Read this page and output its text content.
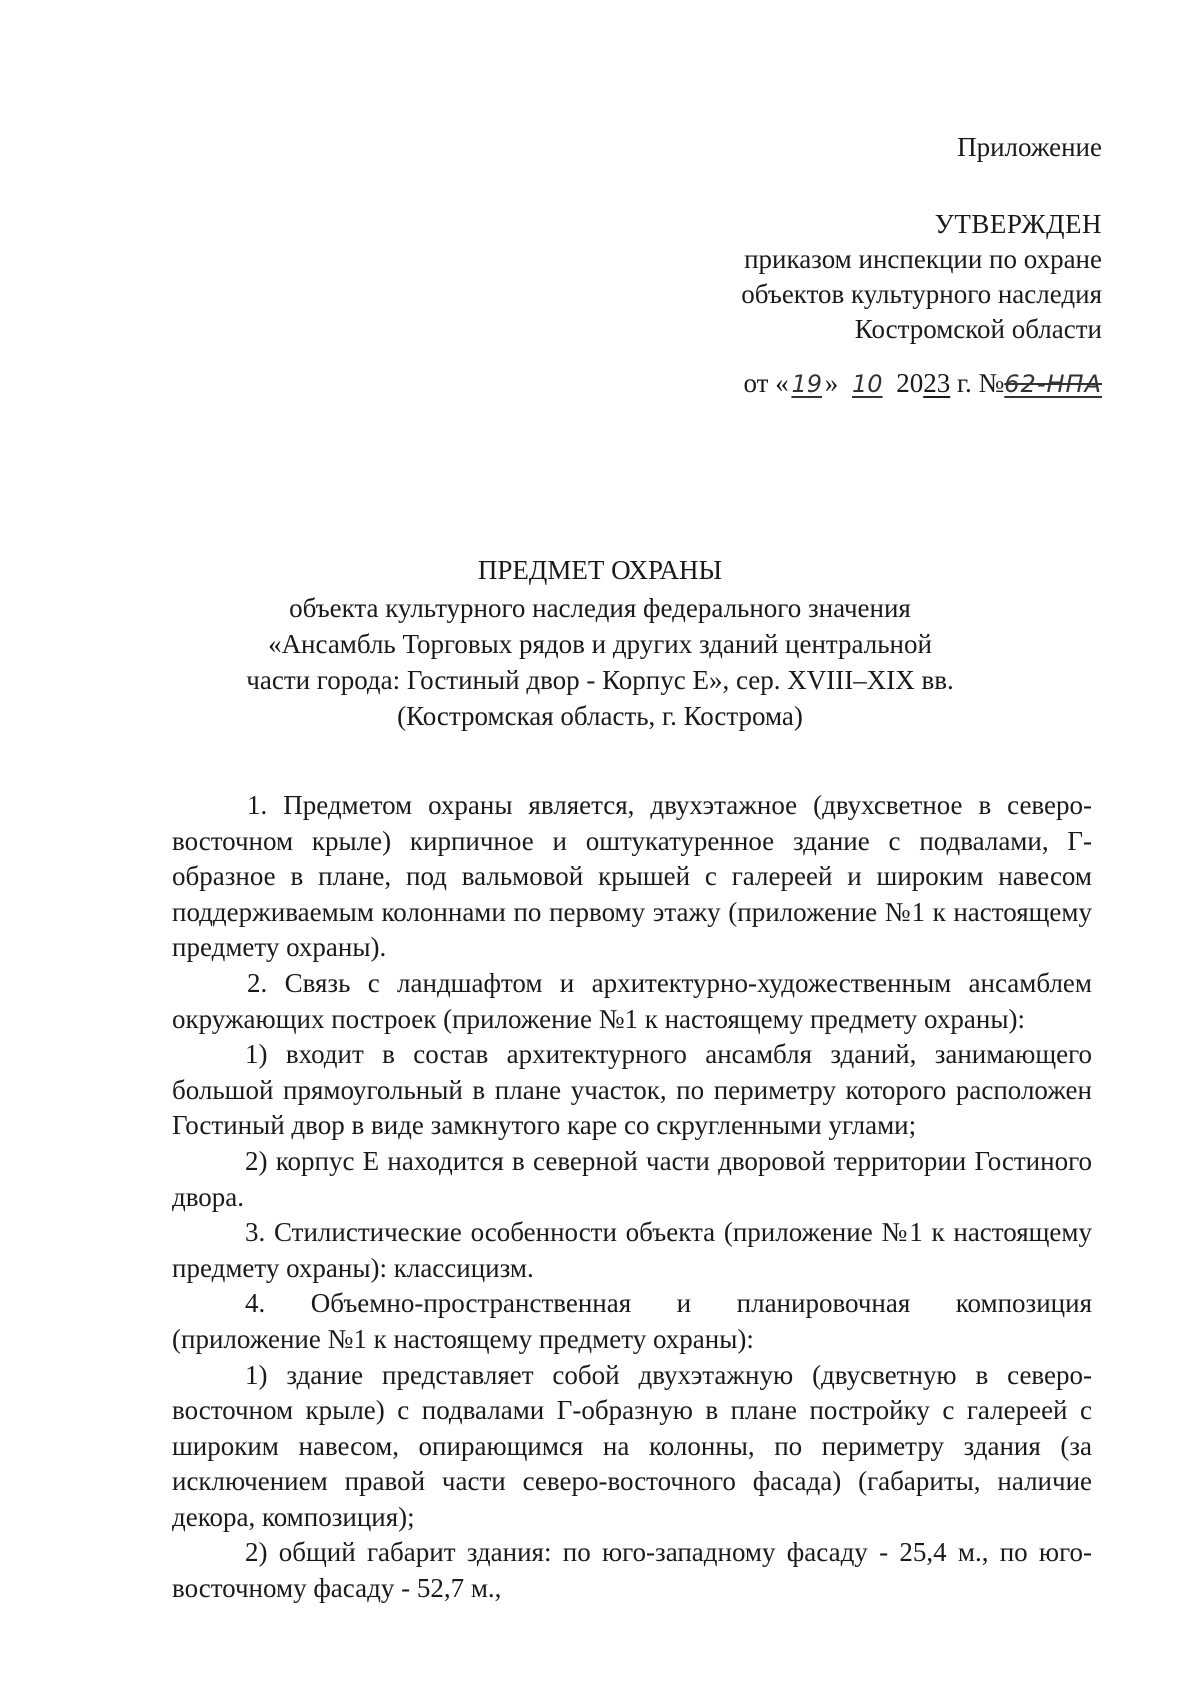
Приложение
УТВЕРЖДЕН
приказом инспекции по охране
объектов культурного наследия
Костромской области
от « 19 » 10 2023 г. №62-НПА
ПРЕДМЕТ ОХРАНЫ
объекта культурного наследия федерального значения
«Ансамбль Торговых рядов и других зданий центральной
части города: Гостиный двор - Корпус Е», сер. XVIII–XIX вв.
(Костромская область, г. Кострома)

1. Предметом охраны является, двухэтажное (двухсветное в северо-восточном крыле) кирпичное и оштукатуренное здание с подвалами, Г-образное в плане, под вальмовой крышей с галереей и широким навесом поддерживаемым колоннами по первому этажу (приложение №1 к настоящему предмету охраны).

2. Связь с ландшафтом и архитектурно-художественным ансамблем окружающих построек (приложение №1 к настоящему предмету охраны):

1) входит в состав архитектурного ансамбля зданий, занимающего большой прямоугольный в плане участок, по периметру которого расположен Гостиный двор в виде замкнутого каре со скругленными углами;

2) корпус Е находится в северной части дворовой территории Гостиного двора.

3. Стилистические особенности объекта (приложение №1 к настоящему предмету охраны): классицизм.

4. Объемно-пространственная и планировочная композиция (приложение №1 к настоящему предмету охраны):

1) здание представляет собой двухэтажную (двусветную в северо-восточном крыле) с подвалами Г-образную в плане постройку с галереей с широким навесом, опирающимся на колонны, по периметру здания (за исключением правой части северо-восточного фасада) (габариты, наличие декора, композиция);

2) общий габарит здания: по юго-западному фасаду - 25,4 м., по юго-восточному фасаду - 52,7 м.,
